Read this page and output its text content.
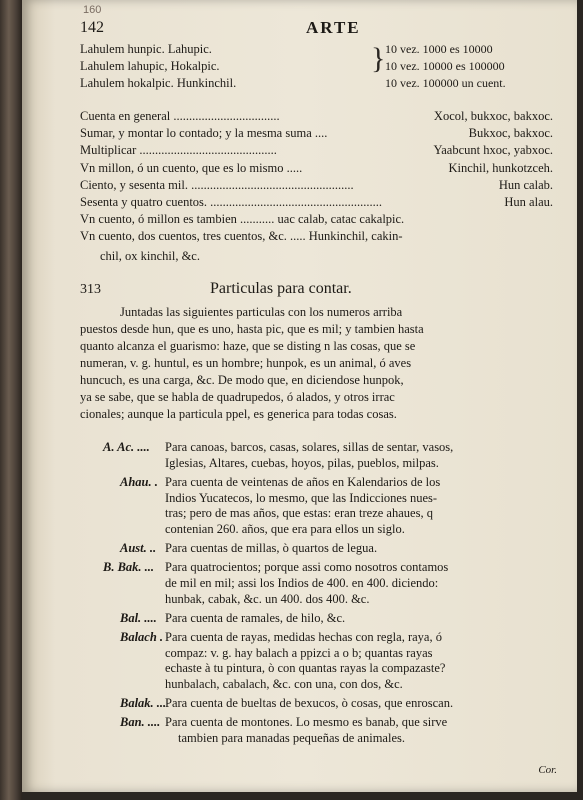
160
142	ARTE
Lahulem hunpic. Lahupic.	10 vez. 1000 es 10000
Lahulem lahupic, Hokalpic.	10 vez. 10000 es 100000
Lahulem hokalpic. Hunkinchil.	10 vez. 100000 un cuent.
}
Cuenta en general ..................................	Xocol, bukxoc, bakxoc.
Sumar, y montar lo contado; y la mesma suma ....	Bukxoc, bakxoc.
Multiplicar ............................................	Yaabcunt hxoc, yabxoc.
Vn millon, ó un cuento, que es lo mismo .....	Kinchil, hunkotzceh.
Ciento, y sesenta mil. ....................................................	Hun calab.
Sesenta y quatro cuentos. .......................................................	Hun alau.
Vn cuento, ó millon es tambien ........... uac calab, catac cakalpic.
Vn cuento, dos cuentos, tres cuentos, &c. ..... Hunkinchil, cakin-
chil, ox kinchil, &c.
313	Particulas para contar.
Juntadas las siguientes particulas con los numeros arriba
puestos desde hun, que es uno, hasta pic, que es mil; y tambien hasta
quanto alcanza el guarismo: haze, que se disting n las cosas, que se
numeran, v. g. huntul, es un hombre; hunpok, es un animal, ó aves
huncuch, es una carga, &c. De modo que, en diciendose hunpok,
ya se sabe, que se habla de quadrupedos, ó alados, y otros irrac
cionales; aunque la particula ppel, es generica para todas cosas.
A. Ac. .... Para canoas, barcos, casas, solares, sillas de sentar, vasos,
Iglesias, Altares, cuebas, hoyos, pilas, pueblos, milpas.
Ahau. . Para cuenta de veintenas de años en Kalendarios de los
Indios Yucatecos, lo mesmo, que las Indicciones nues-
tras; pero de mas años, que estas: eran treze ahaues, q
contenian 260. años, que era para ellos un siglo.
Aust. .. Para cuentas de millas, ò quartos de legua.
B. Bak. ... Para quatrocientos; porque assi como nosotros contamos
de mil en mil; assi los Indios de 400. en 400. diciendo:
hunbak, cabak, &c. un 400. dos 400. &c.
Bal. .... Para cuenta de ramales, de hilo, &c.
Balach . Para cuenta de rayas, medidas hechas con regla, raya, ó
compaz: v. g. hay balach a ppizci a o b; quantas rayas
echaste à tu pintura, ò con quantas rayas la compazaste?
hunbalach, cabalach, &c. con una, con dos, &c.
Balak. ...
Para cuenta de bueltas de bexucos, ò cosas, que enroscan.
Ban. .... Para cuenta de montones. Lo mesmo es banab, que sirve
tambien para manadas pequeñas de animales.
Cor.
